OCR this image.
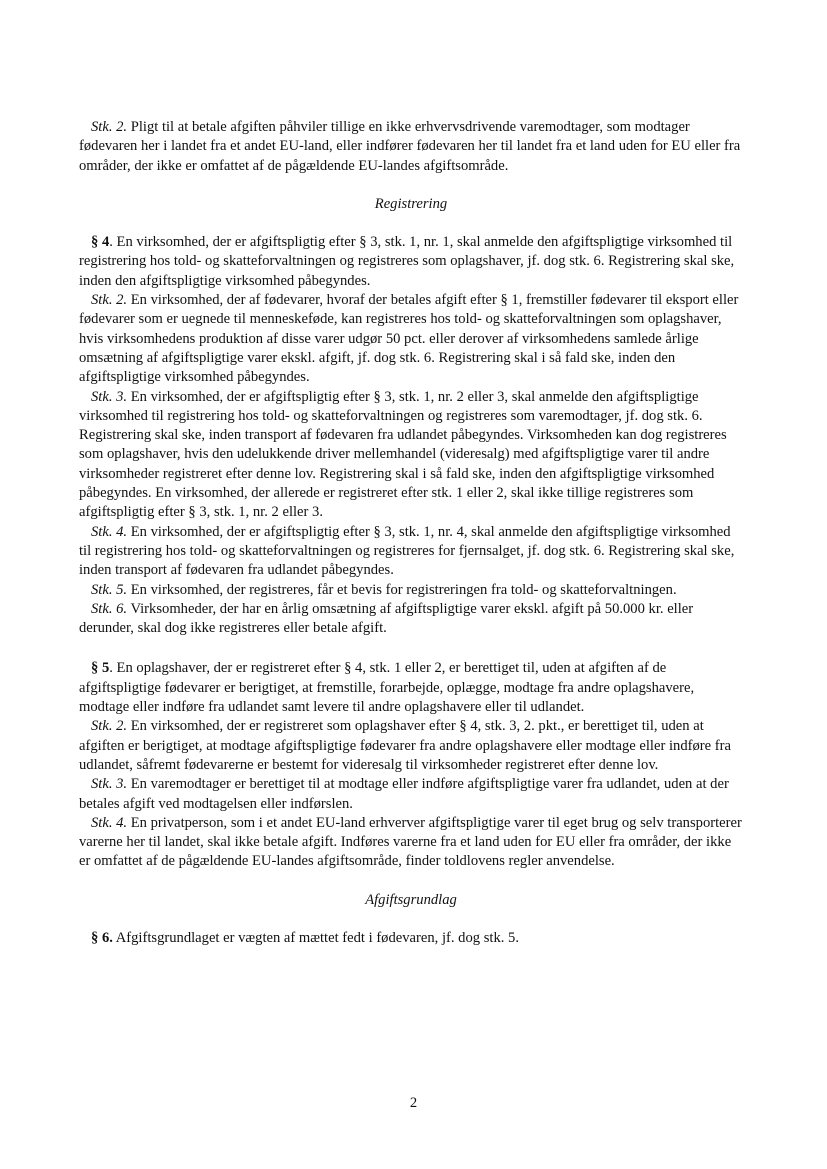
Stk. 2. Pligt til at betale afgiften påhviler tillige en ikke erhvervsdrivende varemodtager, som modtager fødevaren her i landet fra et andet EU-land, eller indfører fødevaren her til landet fra et land uden for EU eller fra områder, der ikke er omfattet af de pågældende EU-landes afgiftsområde.

Registrering

§ 4. En virksomhed, der er afgiftspligtig efter § 3, stk. 1, nr. 1, skal anmelde den afgiftspligtige virksomhed til registrering hos told- og skatteforvaltningen og registreres som oplagshaver, jf. dog stk. 6. Registrering skal ske, inden den afgiftspligtige virksomhed påbegyndes.

Stk. 2. En virksomhed, der af fødevarer, hvoraf der betales afgift efter § 1, fremstiller fødevarer til eksport eller fødevarer som er uegnede til menneskeføde, kan registreres hos told- og skatteforvaltningen som oplagshaver, hvis virksomhedens produktion af disse varer udgør 50 pct. eller derover af virksomhedens samlede årlige omsætning af afgiftspligtige varer ekskl. afgift, jf. dog stk. 6. Registrering skal i så fald ske, inden den afgiftspligtige virksomhed påbegyndes.

Stk. 3. En virksomhed, der er afgiftspligtig efter § 3, stk. 1, nr. 2 eller 3, skal anmelde den afgiftspligtige virksomhed til registrering hos told- og skatteforvaltningen og registreres som varemodtager, jf. dog stk. 6. Registrering skal ske, inden transport af fødevaren fra udlandet påbegyndes. Virksomheden kan dog registreres som oplagshaver, hvis den udelukkende driver mellemhandel (videresalg) med afgiftspligtige varer til andre virksomheder registreret efter denne lov. Registrering skal i så fald ske, inden den afgiftspligtige virksomhed påbegyndes. En virksomhed, der allerede er registreret efter stk. 1 eller 2, skal ikke tillige registreres som afgiftspligtig efter § 3, stk. 1, nr. 2 eller 3.

Stk. 4. En virksomhed, der er afgiftspligtig efter § 3, stk. 1, nr. 4, skal anmelde den afgiftspligtige virksomhed til registrering hos told- og skatteforvaltningen og registreres for fjernsalget, jf. dog stk. 6. Registrering skal ske, inden transport af fødevaren fra udlandet påbegyndes.

Stk. 5. En virksomhed, der registreres, får et bevis for registreringen fra told- og skatteforvaltningen.

Stk. 6. Virksomheder, der har en årlig omsætning af afgiftspligtige varer ekskl. afgift på 50.000 kr. eller derunder, skal dog ikke registreres eller betale afgift.

§ 5. En oplagshaver, der er registreret efter § 4, stk. 1 eller 2, er berettiget til, uden at afgiften af de afgiftspligtige fødevarer er berigtiget, at fremstille, forarbejde, oplægge, modtage fra andre oplagshavere, modtage eller indføre fra udlandet samt levere til andre oplagshavere eller til udlandet.

Stk. 2. En virksomhed, der er registreret som oplagshaver efter § 4, stk. 3, 2. pkt., er berettiget til, uden at afgiften er berigtiget, at modtage afgiftspligtige fødevarer fra andre oplagshavere eller modtage eller indføre fra udlandet, såfremt fødevarerne er bestemt for videresalg til virksomheder registreret efter denne lov.

Stk. 3. En varemodtager er berettiget til at modtage eller indføre afgiftspligtige varer fra udlandet, uden at der betales afgift ved modtagelsen eller indførslen.

Stk. 4. En privatperson, som i et andet EU-land erhverver afgiftspligtige varer til eget brug og selv transporterer varerne her til landet, skal ikke betale afgift. Indføres varerne fra et land uden for EU eller fra områder, der ikke er omfattet af de pågældende EU-landes afgiftsområde, finder toldlovens regler anvendelse.

Afgiftsgrundlag

§ 6. Afgiftsgrundlaget er vægten af mættet fedt i fødevaren, jf. dog stk. 5.

2
